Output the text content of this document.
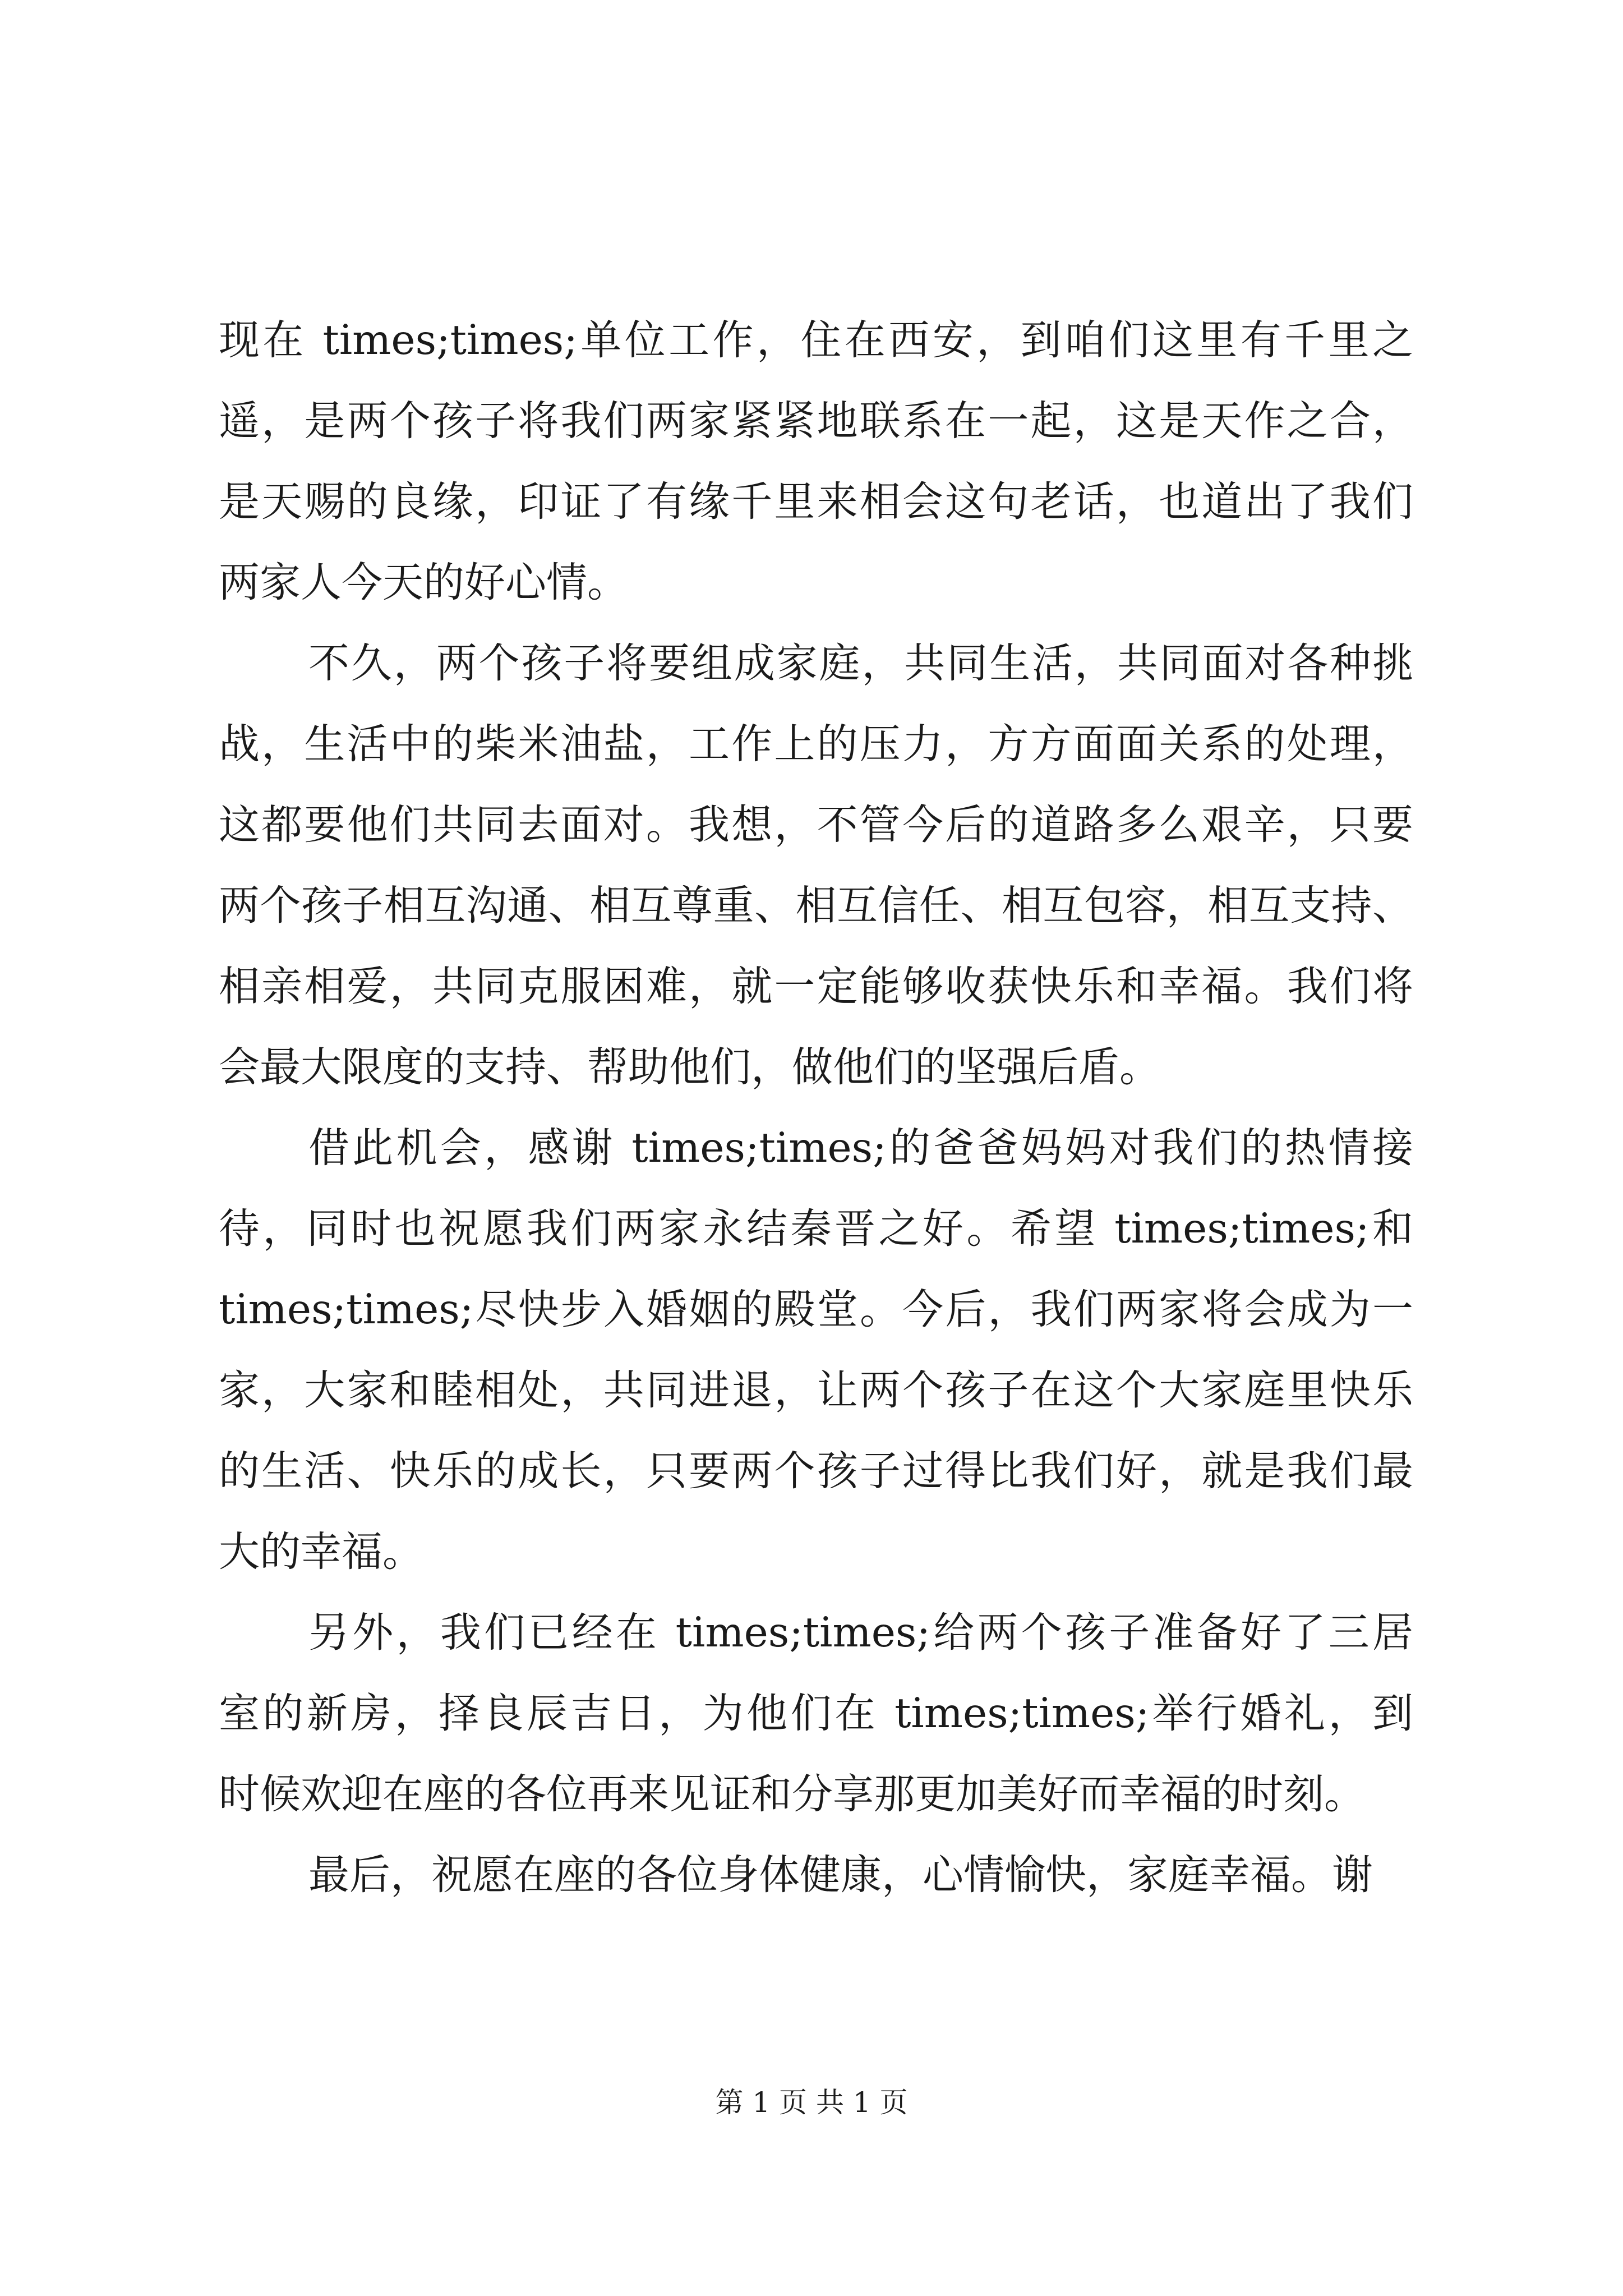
现在 times;times;单位工作，住在西安，到咱们这里有千里之
遥，是两个孩子将我们两家紧紧地联系在一起，这是天作之合，
是天赐的良缘，印证了有缘千里来相会这句老话，也道出了我们
两家人今天的好心情。
不久，两个孩子将要组成家庭，共同生活，共同面对各种挑
战，生活中的柴米油盐，工作上的压力，方方面面关系的处理，
这都要他们共同去面对。我想，不管今后的道路多么艰辛，只要
两个孩子相互沟通、相互尊重、相互信任、相互包容，相互支持、
相亲相爱，共同克服困难，就一定能够收获快乐和幸福。我们将
会最大限度的支持、帮助他们，做他们的坚强后盾。
借此机会，感谢 times;times;的爸爸妈妈对我们的热情接
待，同时也祝愿我们两家永结秦晋之好。希望 times;times;和
times;times;尽快步入婚姻的殿堂。今后，我们两家将会成为一
家，大家和睦相处，共同进退，让两个孩子在这个大家庭里快乐
的生活、快乐的成长，只要两个孩子过得比我们好，就是我们最
大的幸福。
另外，我们已经在 times;times;给两个孩子准备好了三居
室的新房，择良辰吉日，为他们在 times;times;举行婚礼，到
时候欢迎在座的各位再来见证和分享那更加美好而幸福的时刻。
最后，祝愿在座的各位身体健康，心情愉快，家庭幸福。谢
第 1 页 共 1 页
